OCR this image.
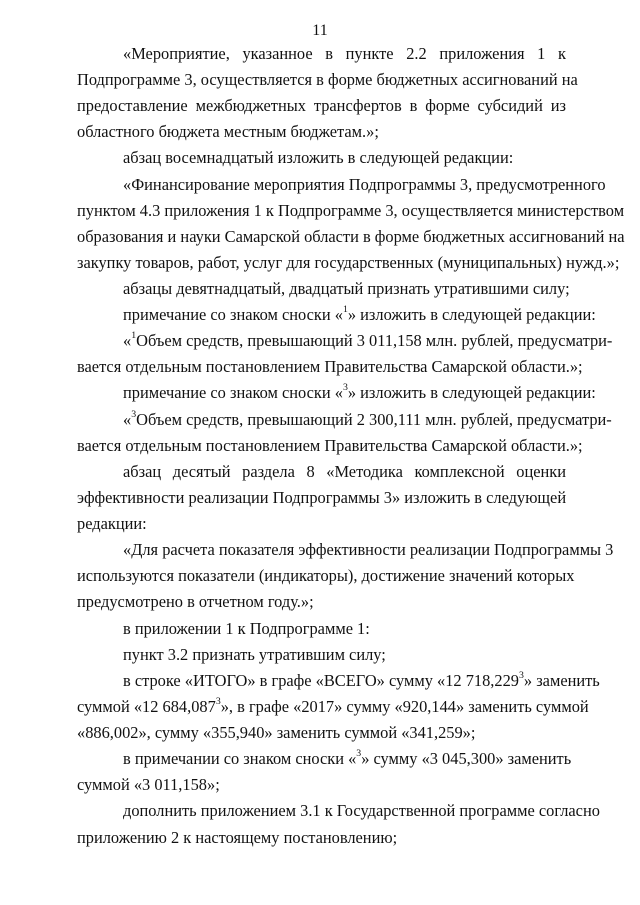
11
«Мероприятие, указанное в пункте 2.2 приложения 1 к
Подпрограмме 3, осуществляется в форме бюджетных ассигнований на
предоставление межбюджетных трансфертов в форме субсидий из
областного бюджета местным бюджетам.»;
абзац восемнадцатый изложить в следующей редакции:
«Финансирование мероприятия Подпрограммы 3, предусмотренного
пунктом 4.3 приложения 1 к Подпрограмме 3, осуществляется министерством
образования и науки Самарской области в форме бюджетных ассигнований на
закупку товаров, работ, услуг для государственных (муниципальных) нужд.»;
абзацы девятнадцатый, двадцатый признать утратившими силу;
примечание со знаком сноски «$^1$» изложить в следующей редакции:
«$^1$Объем средств, превышающий 3 011,158 млн. рублей, предусматри-
вается отдельным постановлением Правительства Самарской области.»;
примечание со знаком сноски «$^3$» изложить в следующей редакции:
«$^3$Объем средств, превышающий 2 300,111 млн. рублей, предусматри-
вается отдельным постановлением Правительства Самарской области.»;
абзац десятый раздела 8 «Методика комплексной оценки
эффективности реализации Подпрограммы 3» изложить в следующей
редакции:
«Для расчета показателя эффективности реализации Подпрограммы 3
используются показатели (индикаторы), достижение значений которых
предусмотрено в отчетном году.»;
в приложении 1 к Подпрограмме 1:
пункт 3.2 признать утратившим силу;
в строке «ИТОГО» в графе «ВСЕГО» сумму «12 718,229$^3$» заменить
суммой «12 684,087$^3$», в графе «2017» сумму «920,144» заменить суммой
«886,002», сумму «355,940» заменить суммой «341,259»;
в примечании со знаком сноски «$^3$» сумму «3 045,300» заменить
суммой «3 011,158»;
дополнить приложением 3.1 к Государственной программе согласно
приложению 2 к настоящему постановлению;
